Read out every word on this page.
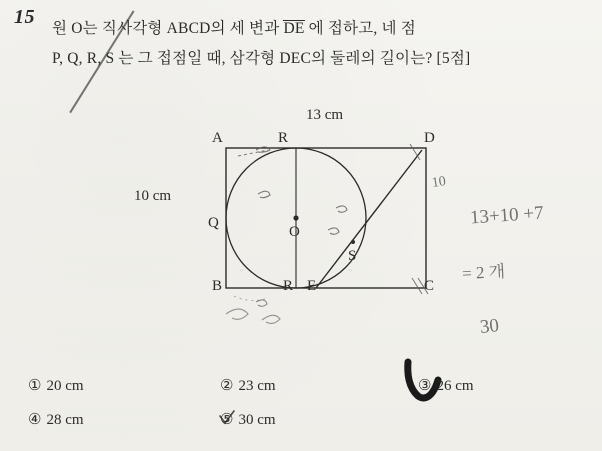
15
원 O는 직사각형 ABCD의 세 변과 DE 에 접하고, 네 점
P, Q, R, S 는 그 접점일 때, 삼각형 DEC의 둘레의 길이는? [5점]
A	R	D
Q
O
S
B	R E	C
13 cm
10 cm
10
13+10 +7
= 2 개
30
① 20 cm	② 23 cm	③ 26 cm
④ 28 cm	⑤ 30 cm
